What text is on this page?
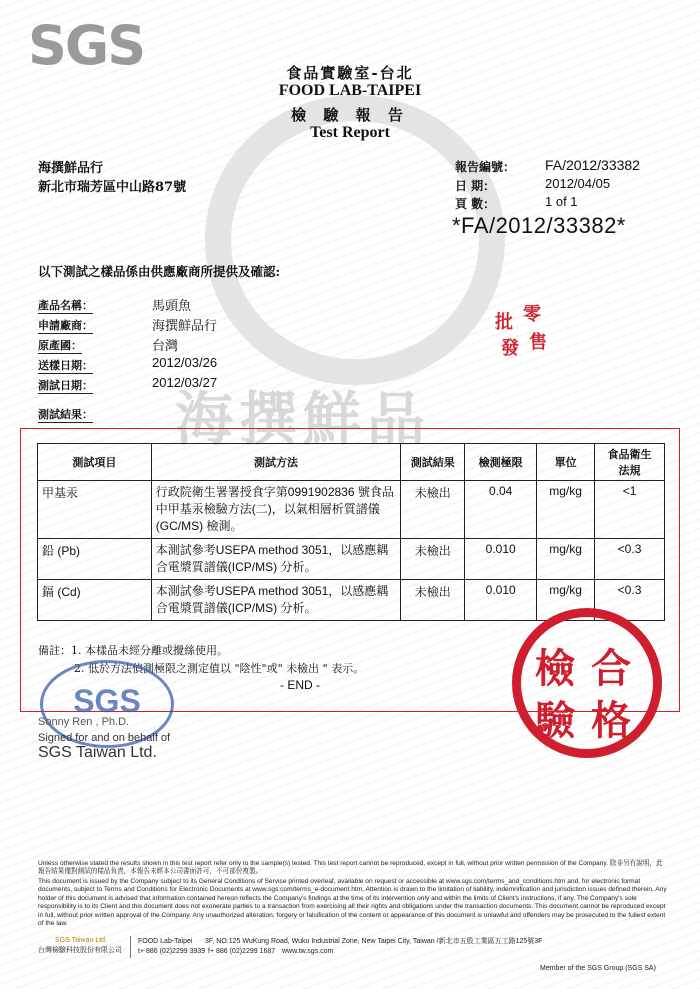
SGS	食品實驗室-台北
FOOD LAB-TAIPEI
檢 驗 報 告
Test Report
海撰鮮品行
新北市瑞芳區中山路87號
報告編號： FA/2012/33382
日 期：	2012/04/05
頁 數：	1 of 1
*FA/2012/33382*
以下測試之樣品係由供應廠商所提供及確認:
產品名稱：	馬頭魚
申請廠商：	海撰鮮品行
原產國：	台灣
送樣日期：	2012/03/26
測試日期：	2012/03/27
測試結果： 海撰鮮品
測試項目	測試方法	測試結果	檢測極限	單位	食品衛生法規
甲基汞	行政院衛生署署授食字第0991902836 號食品中甲基汞檢驗方法(二)，以氣相層析質譜儀(GC/MS) 檢測。	未檢出	0.04	mg/kg	<1
鉛 (Pb)	本測試參考USEPA method 3051，以感應耦合電漿質譜儀(ICP/MS) 分析。	未檢出	0.010	mg/kg	<0.3
鎘 (Cd)	本測試參考USEPA method 3051，以感應耦合電漿質譜儀(ICP/MS) 分析。	未檢出	0.010	mg/kg	<0.3
備註：1. 本樣品未經分離或攪絲使用。
2. 低於方法偵測極限之測定值以 "陰性"或" 未檢出 " 表示。
- END -
SGS
Sonny Ren , Ph.D.
Signed for and on behalf of
SGS Taiwan Ltd.
批 零
發 售
檢 合
驗 格
Unless otherwise stated the results shown in this test report refer only to the sample(s) tested. This test report cannot be reproduced, except in full, without prior written permission of the Company. 除非另有說明，此報告結果僅對測試的樣品負責，本報告未經本公司書面許可，不可部份複製。
This document is issued by the Company subject to its General Conditions of Service printed overleaf, available on request or accessible at www.sgs.com/terms_and_conditions.htm and, for electronic format documents, subject to Terms and Conditions for Electronic Documents at www.sgs.com/terms_e-document.htm. Attention is drawn to the limitation of liability, indemnification and jurisdiction issues defined therein. Any holder of this document is advised that information contained hereon reflects the Company's findings at the time of its intervention only and within the limits of Client's instructions, if any. The Company's sole responsibility is to its Client and this document does not exonerate parties to a transaction from exercising all their rights and obligations under the transaction documents. This document cannot be reproduced except in full, without prior written approval of the Company. Any unauthorized alteration, forgery or falsification of the content or appearance of this document is unlawful and offenders may be prosecuted to the fullest extent of the law.
SGS Taiwan Ltd.
台灣檢驗科技股份有限公司
FOOD Lab-Taipei 3F, NO.125 WuKung Road, Wuku Industrial Zone, New Taipei City, Taiwan /新北市五股工業區五工路125號3F
t+ 886 (02)2299 3939 f+ 886 (02)2299 1687 www.tw.sgs.com
Member of the SGS Group (SGS SA)
